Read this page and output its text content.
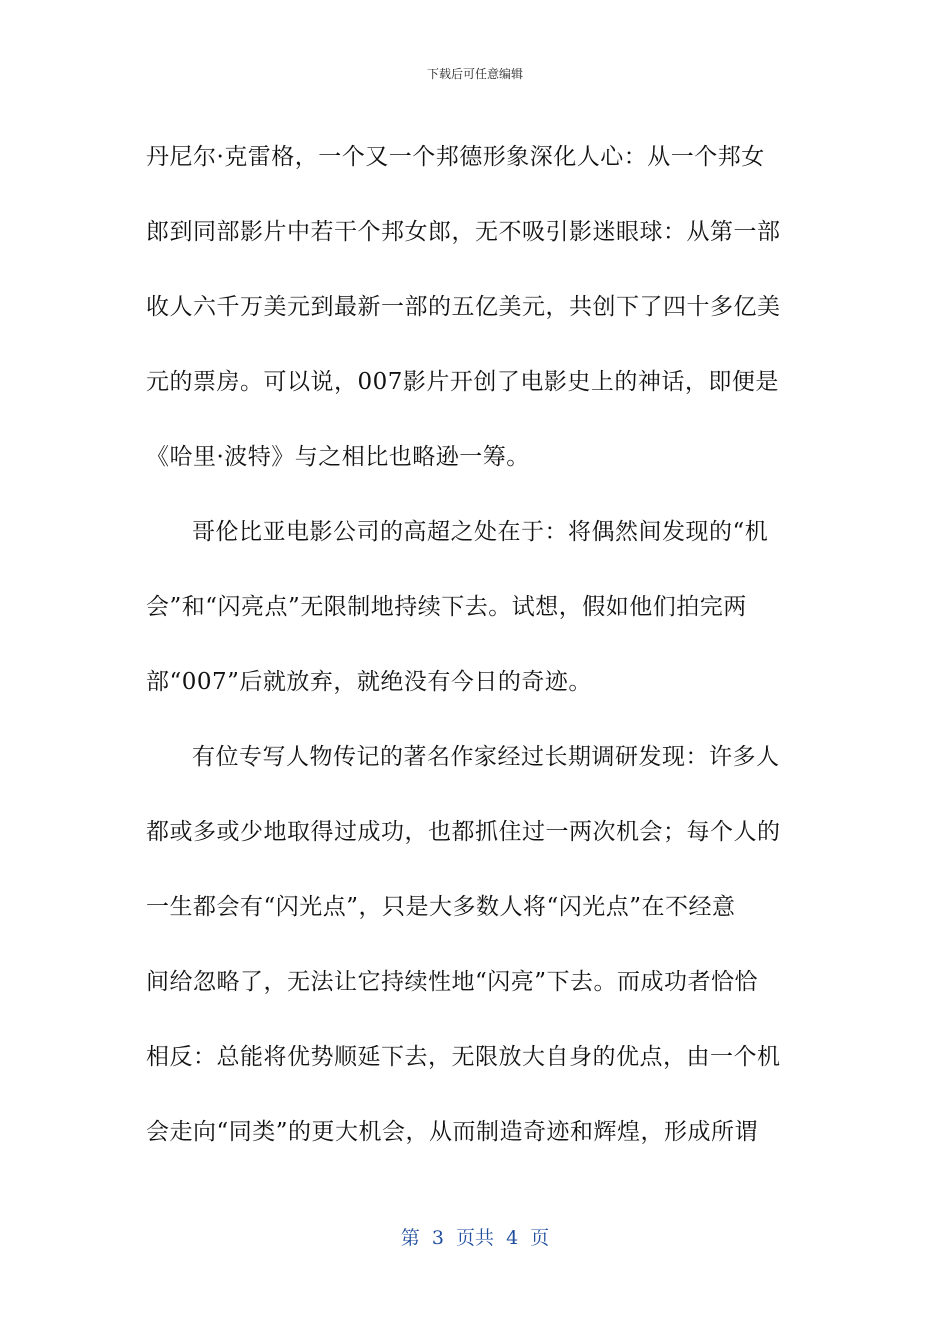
下载后可任意编辑
丹尼尔·克雷格，一个又一个邦德形象深化人心：从一个邦女
郎到同部影片中若干个邦女郎，无不吸引影迷眼球：从第一部
收人六千万美元到最新一部的五亿美元，共创下了四十多亿美
元的票房。可以说，007影片开创了电影史上的神话，即便是
《哈里·波特》与之相比也略逊一筹。
哥伦比亚电影公司的高超之处在于：将偶然间发现的“机
会”和“闪亮点”无限制地持续下去。试想，假如他们拍完两
部“007”后就放弃，就绝没有今日的奇迹。
有位专写人物传记的著名作家经过长期调研发现：许多人
都或多或少地取得过成功，也都抓住过一两次机会；每个人的
一生都会有“闪光点”，只是大多数人将“闪光点”在不经意
间给忽略了，无法让它持续性地“闪亮”下去。而成功者恰恰
相反：总能将优势顺延下去，无限放大自身的优点，由一个机
会走向“同类”的更大机会，从而制造奇迹和辉煌，形成所谓
第  3  页共  4  页
